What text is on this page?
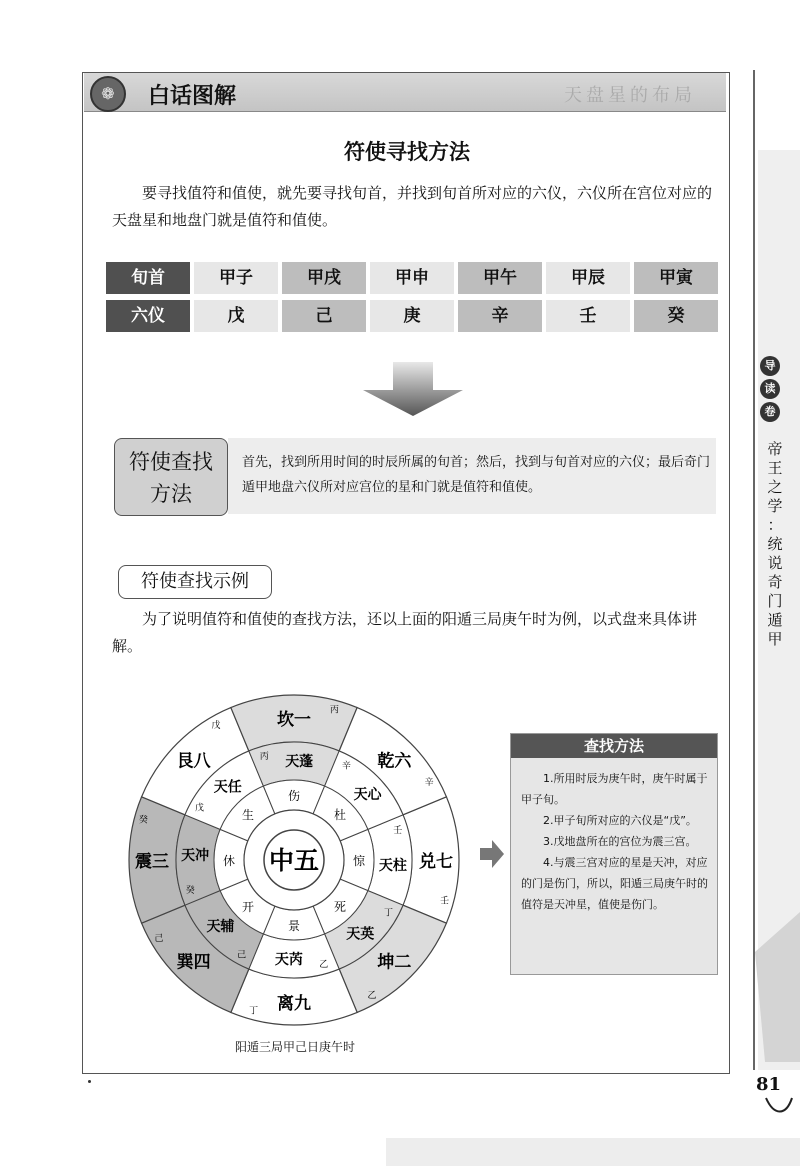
❁	白话图解	天盘星的布局
符使寻找方法
要寻找值符和值使，就先要寻找旬首，并找到旬首所对应的六仪，六仪所在宫位对应的天盘星和地盘门就是值符和值使。
旬首	甲子	甲戌	甲申	甲午	甲辰	甲寅
六仪	戊	己	庚	辛	壬	癸
符使查找
方法
首先，找到所用时间的时辰所属的旬首；然后，找到与旬首对应的六仪；最后奇门遁甲地盘六仪所对应宫位的星和门就是值符和值使。
符使查找示例
为了说明值符和值使的查找方法，还以上面的阳遁三局庚午时为例，以式盘来具体讲解。
兑七
壬
天柱
壬
惊
坤二
乙
天英
丁
死
离九
丁
天芮 乙
景
巽四
己
天辅
己
开
震三
癸
天冲
癸
休
艮八
戊
天任
戊	生
坎一 丙
天蓬
丙
伤
乾六
辛
天心
辛
杜
中五
阳遁三局甲己日庚午时
查找方法

1.所用时辰为庚午时，庚午时属于甲子旬。

2.甲子旬所对应的六仪是“戊”。

3.戊地盘所在的宫位为震三宫。

4.与震三宫对应的星是天冲，对应的门是伤门，所以，阳遁三局庚午时的值符是天冲星，值使是伤门。

导
读
卷
帝
王
之
学
：
统
说
奇
门
遁
甲
81
